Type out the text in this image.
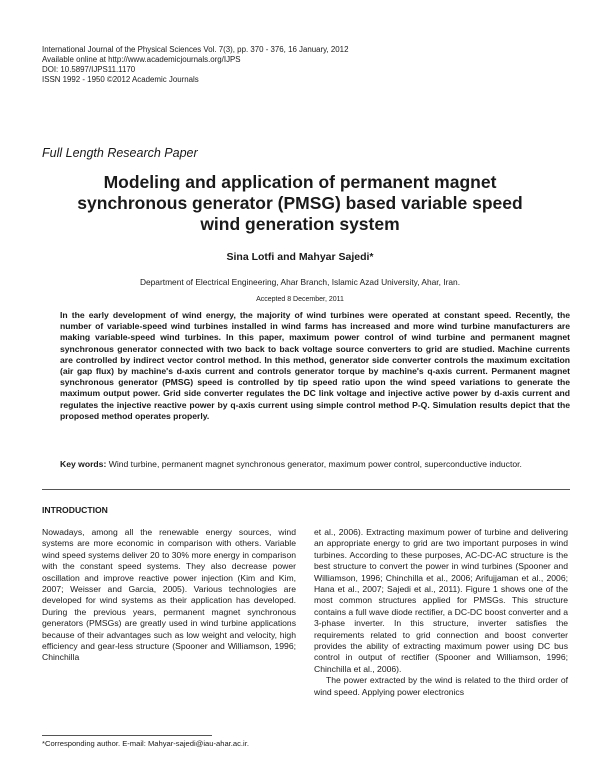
International Journal of the Physical Sciences Vol. 7(3), pp. 370 - 376, 16 January, 2012
Available online at http://www.academicjournals.org/IJPS
DOI: 10.5897/IJPS11.1170
ISSN 1992 - 1950 ©2012 Academic Journals
Full Length Research Paper
Modeling and application of permanent magnet synchronous generator (PMSG) based variable speed wind generation system
Sina Lotfi and Mahyar Sajedi*
Department of Electrical Engineering, Ahar Branch, Islamic Azad University, Ahar, Iran.
Accepted 8 December, 2011
In the early development of wind energy, the majority of wind turbines were operated at constant speed. Recently, the number of variable-speed wind turbines installed in wind farms has increased and more wind turbine manufacturers are making variable-speed wind turbines. In this paper, maximum power control of wind turbine and permanent magnet synchronous generator connected with two back to back voltage source converters to grid are studied. Machine currents are controlled by indirect vector control method. In this method, generator side converter controls the maximum excitation (air gap flux) by machine's d-axis current and controls generator torque by machine's q-axis current. Permanent magnet synchronous generator (PMSG) speed is controlled by tip speed ratio upon the wind speed variations to generate the maximum output power. Grid side converter regulates the DC link voltage and injective active power by d-axis current and regulates the injective reactive power by q-axis current using simple control method P-Q. Simulation results depict that the proposed method operates properly.
Key words: Wind turbine, permanent magnet synchronous generator, maximum power control, superconductive inductor.
INTRODUCTION

Nowadays, among all the renewable energy sources, wind systems are more economic in comparison with others. Variable wind speed systems deliver 20 to 30% more energy in comparison with the constant speed systems. They also decrease power oscillation and improve reactive power injection (Kim and Kim, 2007; Weisser and Garcia, 2005). Various technologies are developed for wind systems as their application has developed. During the previous years, permanent magnet synchronous generators (PMSGs) are greatly used in wind turbine applications because of their advantages such as low weight and velocity, high efficiency and gear-less structure (Spooner and Williamson, 1996; Chinchilla

et al., 2006). Extracting maximum power of turbine and delivering an appropriate energy to grid are two important purposes in wind turbines. According to these purposes, AC-DC-AC structure is the best structure to convert the power in wind turbines (Spooner and Williamson, 1996; Chinchilla et al., 2006; Arifujjaman et al., 2006; Hana et al., 2007; Sajedi et al., 2011). Figure 1 shows one of the most common structures applied for PMSGs. This structure contains a full wave diode rectifier, a DC-DC boost converter and a 3-phase inverter. In this structure, inverter satisfies the requirements related to grid connection and boost converter provides the ability of extracting maximum power using DC bus control in output of rectifier (Spooner and Williamson, 1996; Chinchilla et al., 2006).

The power extracted by the wind is related to the third order of wind speed. Applying power electronics

*Corresponding author. E-mail: Mahyar-sajedi@iau-ahar.ac.ir.
